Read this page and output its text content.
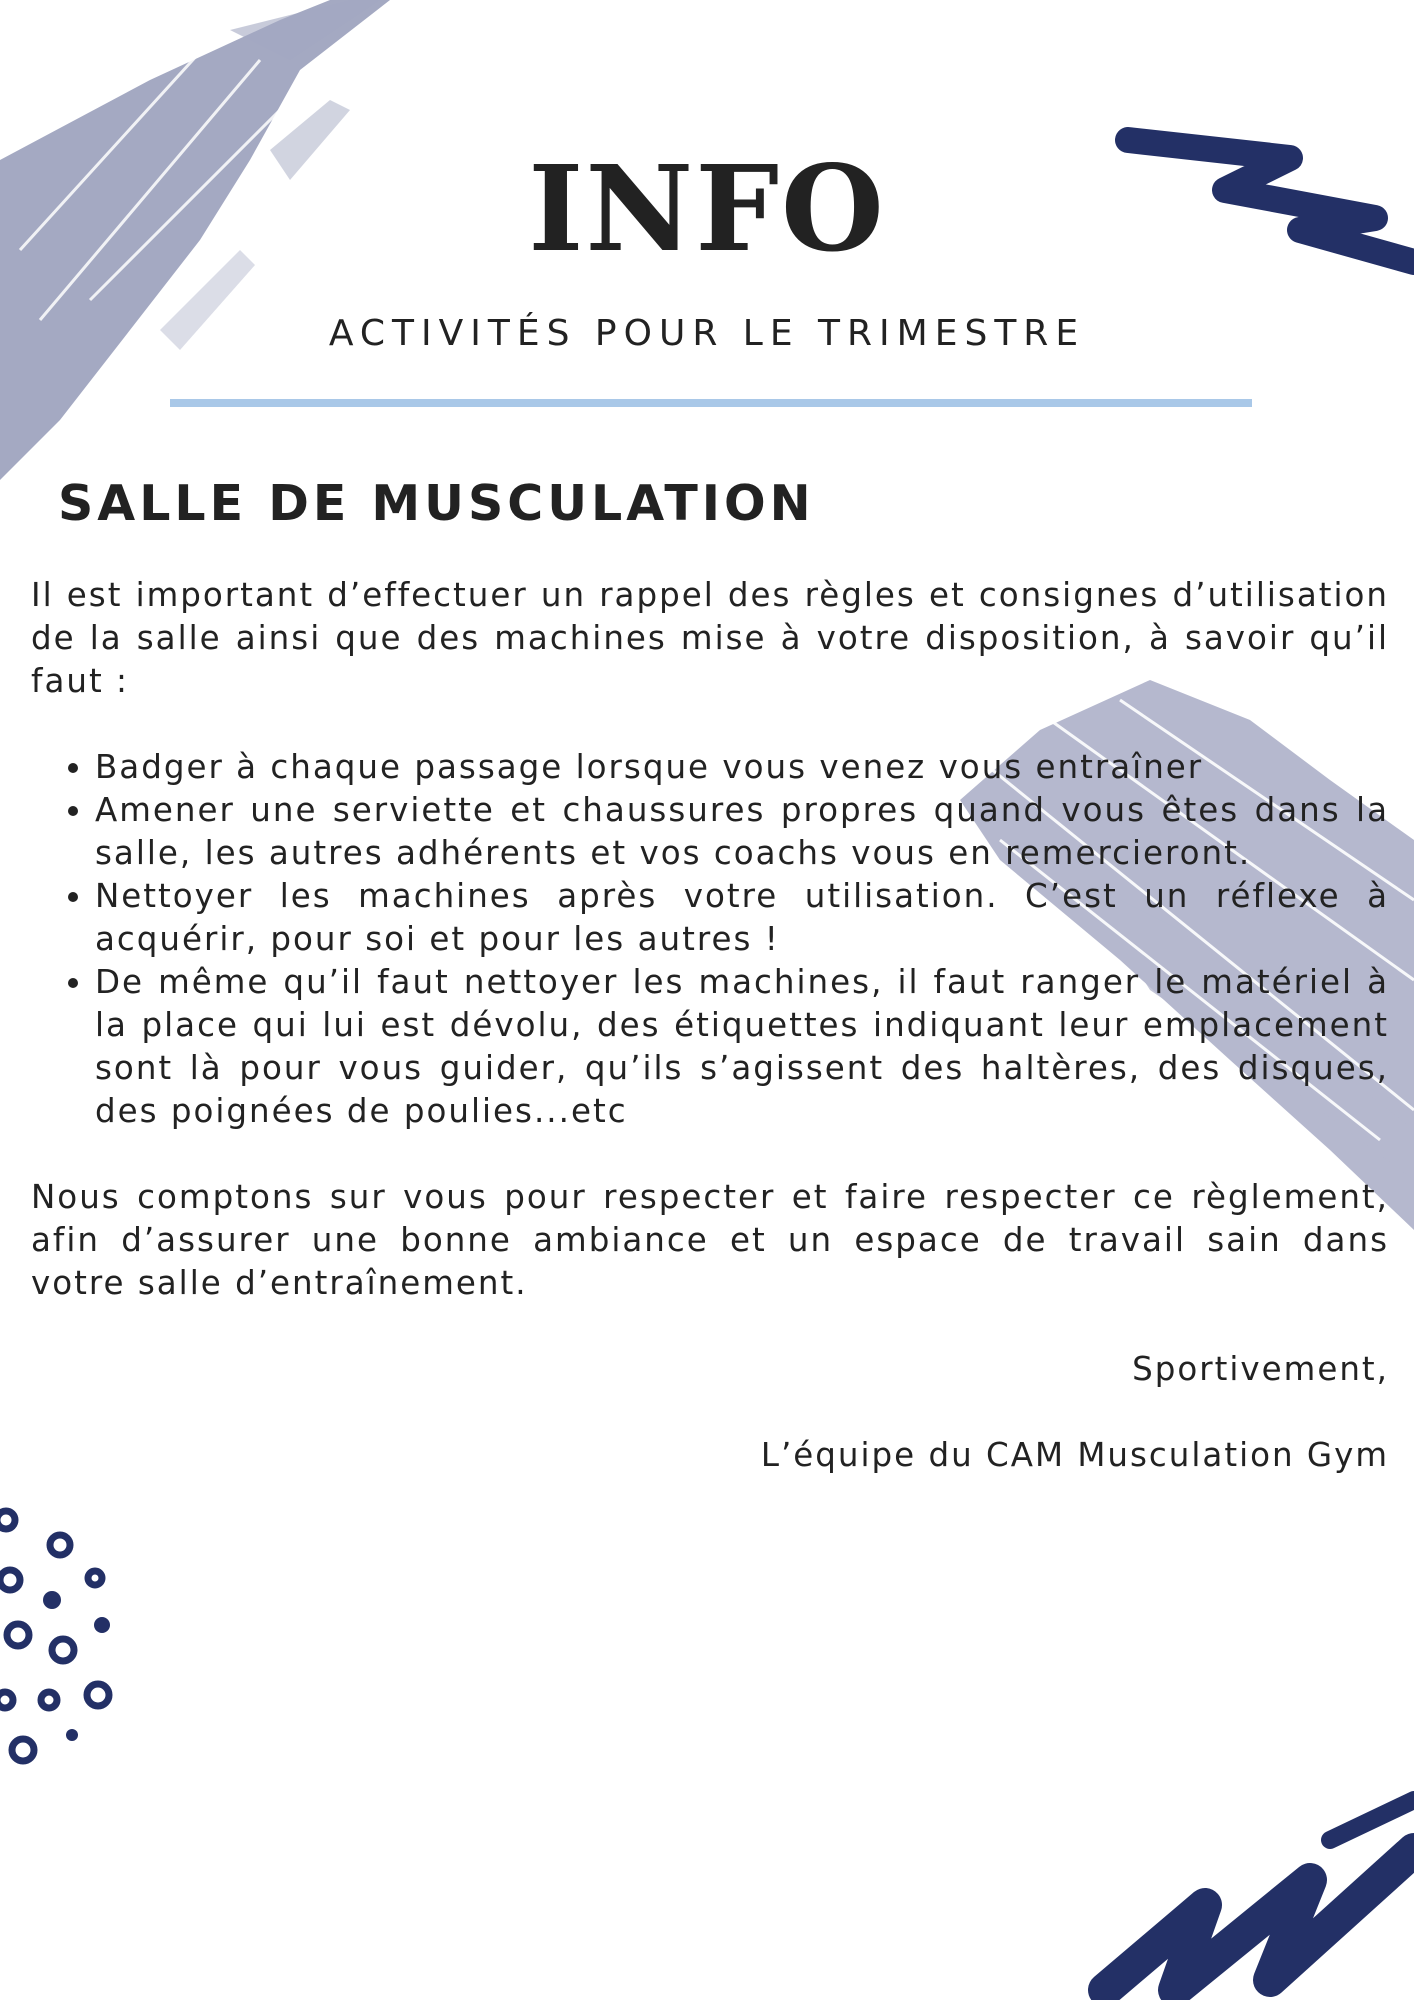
INFO
ACTIVITÉS POUR LE TRIMESTRE
SALLE DE MUSCULATION

Il est important d’effectuer un rappel des règles et consignes d’utilisation de la salle ainsi que des machines mise à votre disposition, à savoir qu’il faut :

• Badger à chaque passage lorsque vous venez vous entraîner
• Amener une serviette et chaussures propres quand vous êtes dans la salle, les autres adhérents et vos coachs vous en remercieront.
• Nettoyer les machines après votre utilisation. C’est un réflexe à acquérir, pour soi et pour les autres !
• De même qu’il faut nettoyer les machines, il faut ranger le matériel à la place qui lui est dévolu, des étiquettes indiquant leur emplacement sont là pour vous guider, qu’ils s’agissent des haltères, des disques, des poignées de poulies...etc

Nous comptons sur vous pour respecter et faire respecter ce règlement, afin d’assurer une bonne ambiance et un espace de travail sain dans votre salle d’entraînement.

Sportivement,

L’équipe du CAM Musculation Gym
